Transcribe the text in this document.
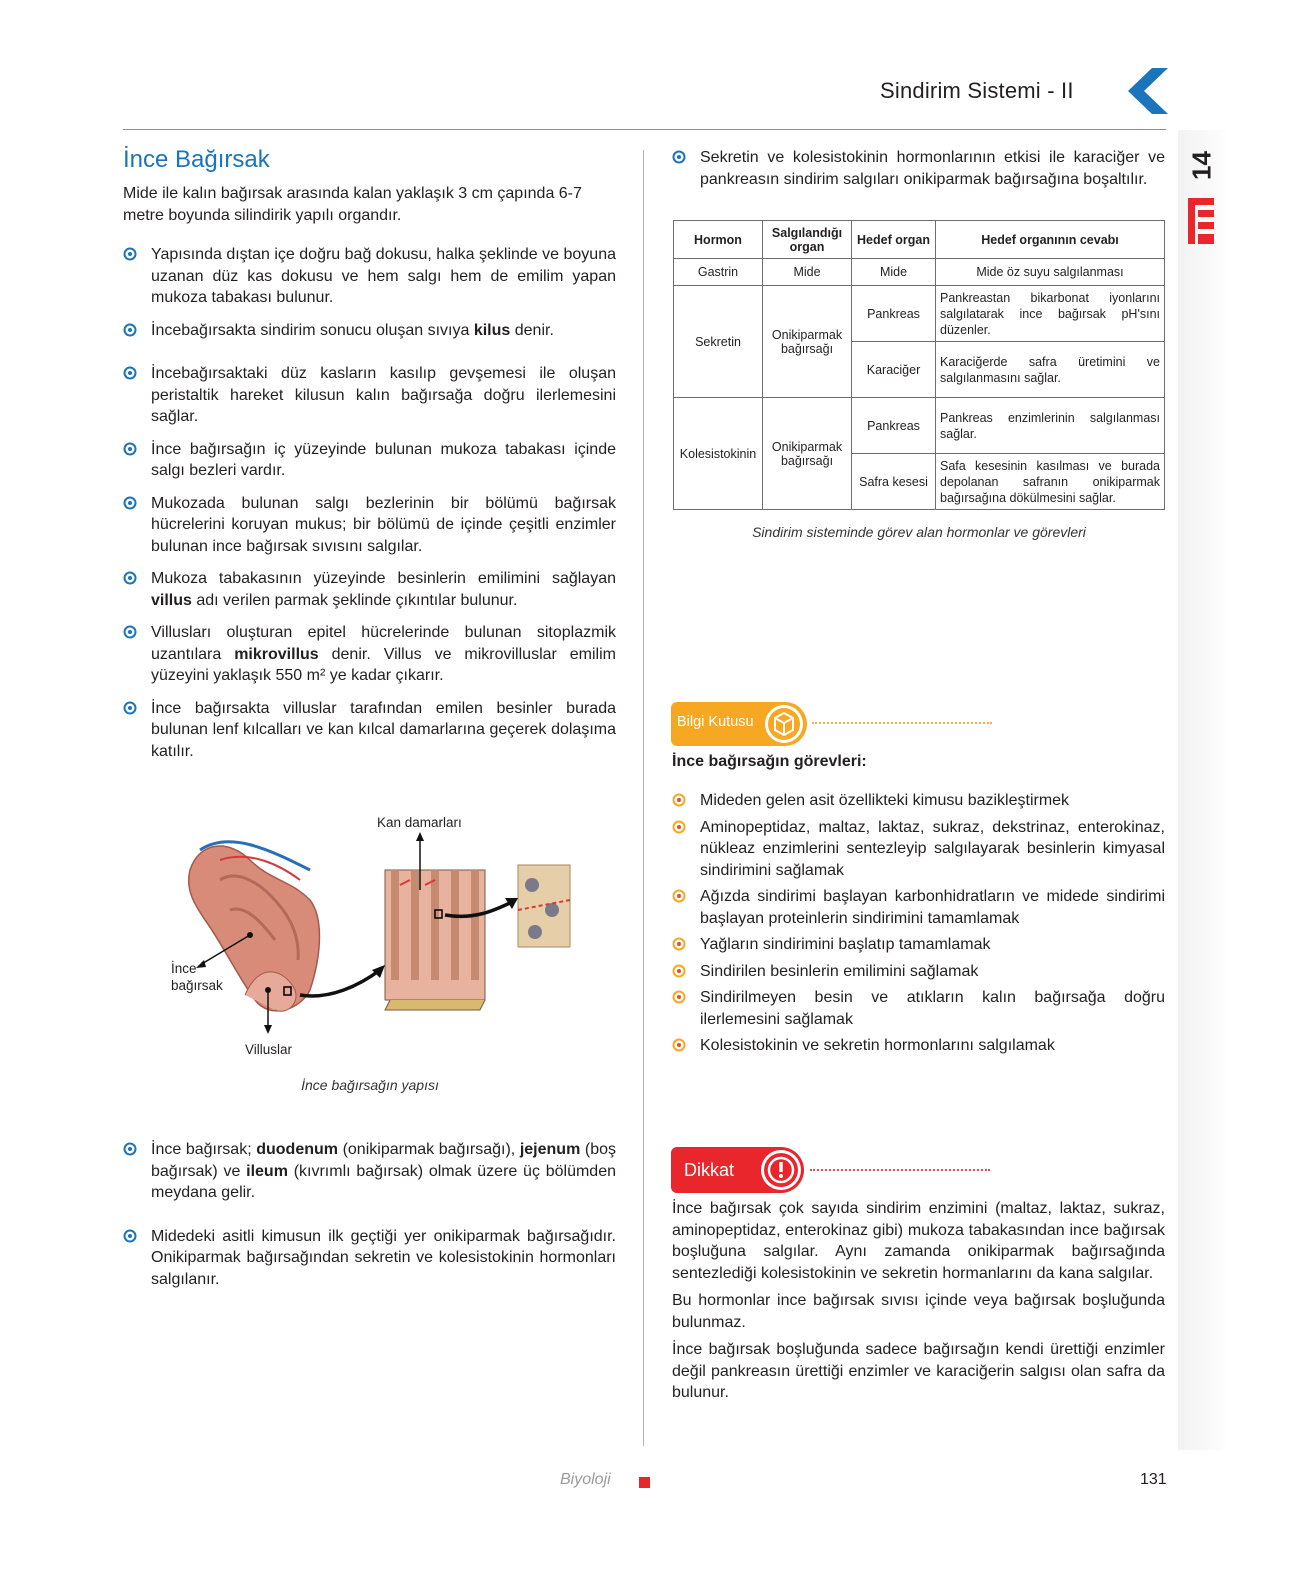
Sindirim Sistemi - II
14
İnce Bağırsak
Mide ile kalın bağırsak arasında kalan yaklaşık 3 cm çapında 6-7 metre boyunda silindirik yapılı organdır.
Yapısında dıştan içe doğru bağ dokusu, halka şeklinde ve boyuna uzanan düz kas dokusu ve hem salgı hem de emilim yapan mukoza tabakası bulunur.
İncebağırsakta sindirim sonucu oluşan sıvıya kilus denir.
İncebağırsaktaki düz kasların kasılıp gevşemesi ile oluşan peristaltik hareket kilusun kalın bağırsağa doğru ilerlemesini sağlar.
İnce bağırsağın iç yüzeyinde bulunan mukoza tabakası içinde salgı bezleri vardır.
Mukozada bulunan salgı bezlerinin bir bölümü bağırsak hücrelerini koruyan mukus; bir bölümü de içinde çeşitli enzimler bulunan ince bağırsak sıvısını salgılar.
Mukoza tabakasının yüzeyinde besinlerin emilimini sağlayan villus adı verilen parmak şeklinde çıkıntılar bulunur.
Villusları oluşturan epitel hücrelerinde bulunan sitoplazmik uzantılara mikrovillus denir. Villus ve mikrovilluslar emilim yüzeyini yaklaşık 550 m² ye kadar çıkarır.
İnce bağırsakta villuslar tarafından emilen besinler burada bulunan lenf kılcalları ve kan kılcal damarlarına geçerek dolaşıma katılır.
Kan damarları
İnce
bağırsak
Villuslar
İnce bağırsağın yapısı
İnce bağırsak; duodenum (onikiparmak bağırsağı), jejenum (boş bağırsak) ve ileum (kıvrımlı bağırsak) olmak üzere üç bölümden meydana gelir.
Midedeki asitli kimusun ilk geçtiği yer onikiparmak bağırsağıdır. Onikiparmak bağırsağından sekretin ve kolesistokinin hormonları salgılanır.
Sekretin ve kolesistokinin hormonlarının etkisi ile karaciğer ve pankreasın sindirim salgıları onikiparmak bağırsağına boşaltılır.
Hormon	Salgılandığı organ	Hedef organ	Hedef organının cevabı
Gastrin	Mide	Mide	Mide öz suyu salgılanması
Sekretin	Onikiparmak bağırsağı	Pankreas	Pankreastan bikarbonat iyonlarını salgılatarak ince bağırsak pH'sını düzenler.
		Karaciğer	Karaciğerde safra üretimini ve salgılanmasını sağlar.
Kolesistokinin	Onikiparmak bağırsağı	Pankreas	Pankreas enzimlerinin salgılanması sağlar.
		Safra kesesi	Safa kesesinin kasılması ve burada depolanan safranın onikiparmak bağırsağına dökülmesini sağlar.
Sindirim sisteminde görev alan hormonlar ve görevleri
Bilgi Kutusu
İnce bağırsağın görevleri:
Mideden gelen asit özellikteki kimusu bazikleştirmek
Aminopeptidaz, maltaz, laktaz, sukraz, dekstrinaz, enterokinaz, nükleaz enzimlerini sentezleyip salgılayarak besinlerin kimyasal sindirimini sağlamak
Ağızda sindirimi başlayan karbonhidratların ve midede sindirimi başlayan proteinlerin sindirimini tamamlamak
Yağların sindirimini başlatıp tamamlamak
Sindirilen besinlerin emilimini sağlamak
Sindirilmeyen besin ve atıkların kalın bağırsağa doğru ilerlemesini sağlamak
Kolesistokinin ve sekretin hormonlarını salgılamak
Dikkat

İnce bağırsak çok sayıda sindirim enzimini (maltaz, laktaz, sukraz, aminopeptidaz, enterokinaz gibi) mukoza tabakasından ince bağırsak boşluğuna salgılar. Aynı zamanda onikiparmak bağırsağında sentezlediği kolesistokinin ve sekretin hormanlarını da kana salgılar.

Bu hormonlar ince bağırsak sıvısı içinde veya bağırsak boşluğunda bulunmaz.

İnce bağırsak boşluğunda sadece bağırsağın kendi ürettiği enzimler değil pankreasın ürettiği enzimler ve karaciğerin salgısı olan safra da bulunur.

Biyoloji	131
